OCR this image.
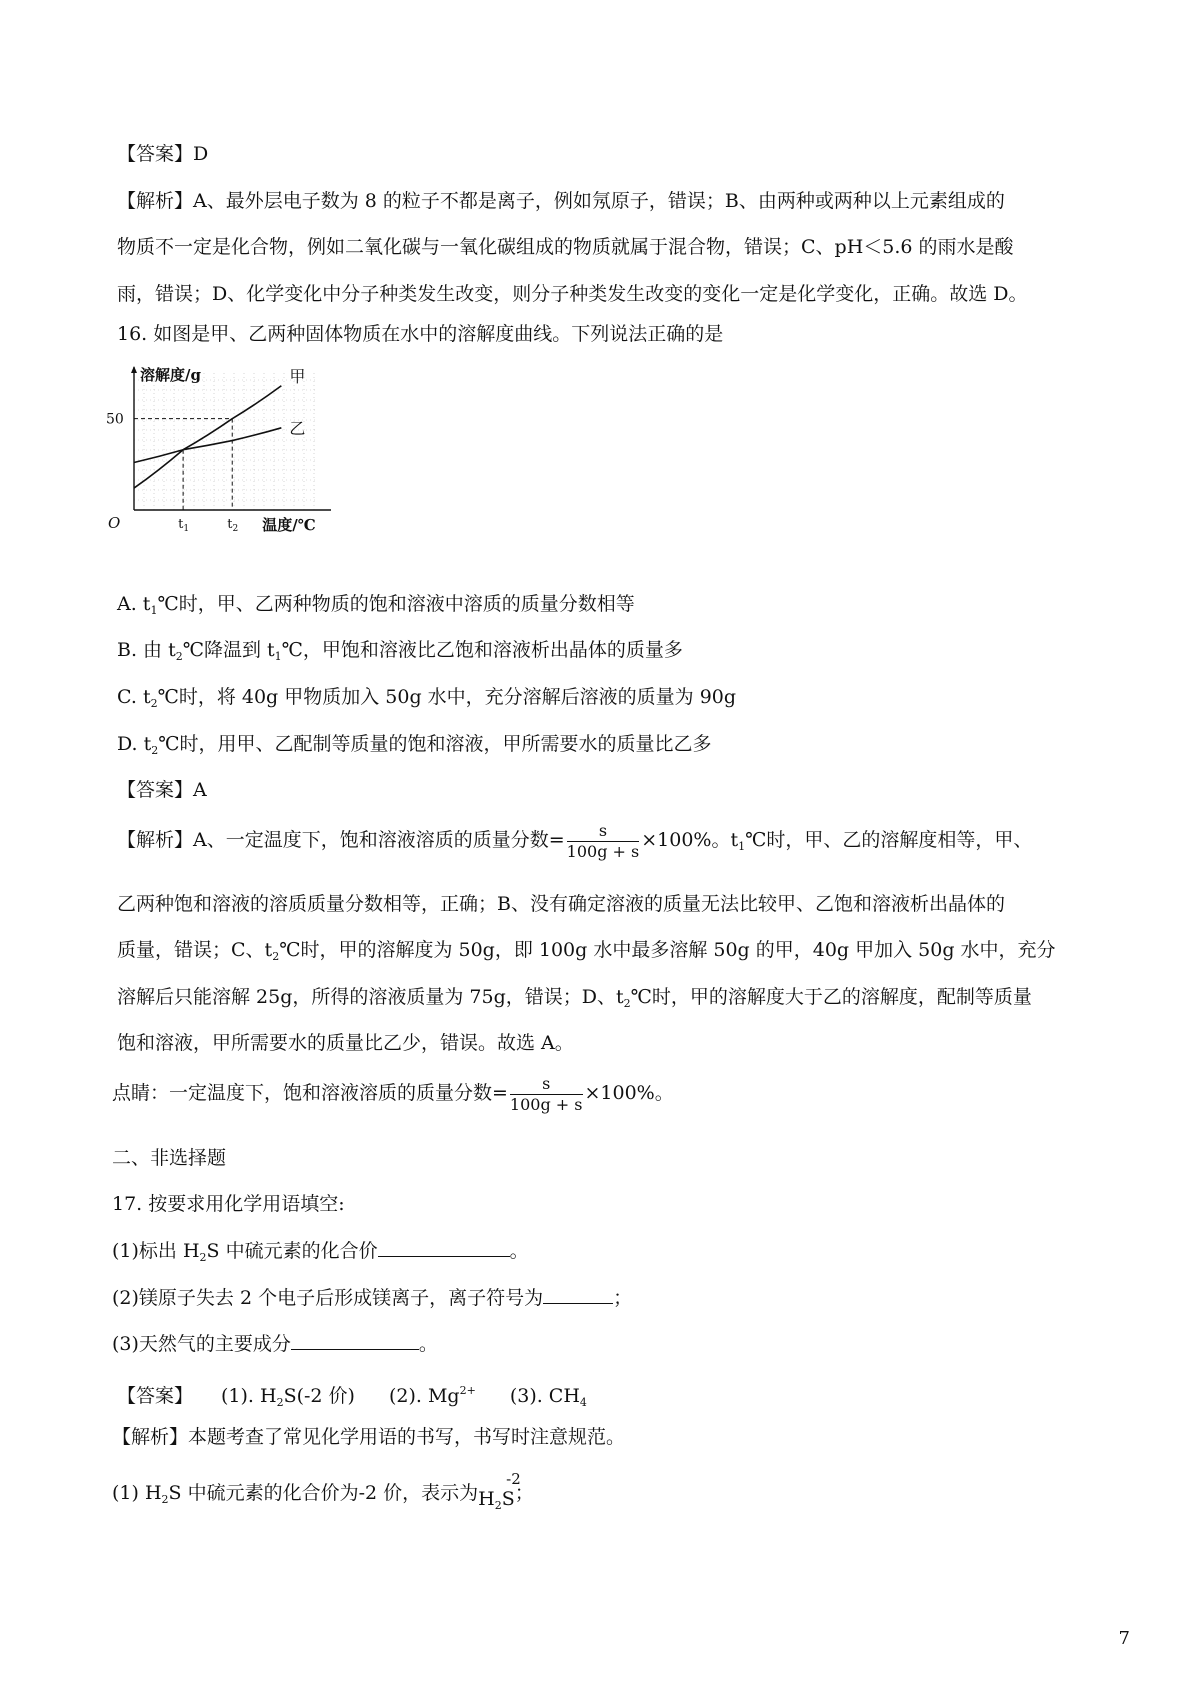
【答案】D
【解析】A、最外层电子数为 8 的粒子不都是离子，例如氖原子，错误；B、由两种或两种以上元素组成的
物质不一定是化合物，例如二氧化碳与一氧化碳组成的物质就属于混合物，错误；C、pH＜5.6 的雨水是酸
雨，错误；D、化学变化中分子种类发生改变，则分子种类发生改变的变化一定是化学变化，正确。故选 D。
16. 如图是甲、乙两种固体物质在水中的溶解度曲线。下列说法正确的是
甲
乙
溶解度/g
温度/℃
O
50
$t_1$	$t_2$
A. $t_1℃$时，甲、乙两种物质的饱和溶液中溶质的质量分数相等
B. 由 $t_2℃$降温到 $t_1℃$，甲饱和溶液比乙饱和溶液析出晶体的质量多
C. $t_2℃$时，将 40g 甲物质加入 50g 水中，充分溶解后溶液的质量为 90g
D. $t_2℃$时，用甲、乙配制等质量的饱和溶液，甲所需要水的质量比乙多
【答案】A
【解析】A、一定温度下，饱和溶液溶质的质量分数= $\frac{s}{100g + s} \times 100\%$。$t_1℃$时，甲、乙的溶解度相等，甲、
乙两种饱和溶液的溶质质量分数相等，正确；B、没有确定溶液的质量无法比较甲、乙饱和溶液析出晶体的
质量，错误；C、$t_2℃$时，甲的溶解度为 50g，即 100g 水中最多溶解 50g 的甲，40g 甲加入 50g 水中，充分
溶解后只能溶解 25g，所得的溶液质量为 75g，错误；D、$t_2℃$时，甲的溶解度大于乙的溶解度，配制等质量
饱和溶液，甲所需要水的质量比乙少，错误。故选 A。
点睛：一定温度下，饱和溶液溶质的质量分数= $\frac{s}{100g + s} \times 100\%$。
二、非选择题
17. 按要求用化学用语填空:
(1)标出 $H_2S$ 中硫元素的化合价	。
(2)镁原子失去 2 个电子后形成镁离子，离子符号为	；
(3)天然气的主要成分	。
【答案】 (1). $H_2S(-2$ 价) (2). $Mg^{2+}$ (3). $CH_4$
【解析】本题考查了常见化学用语的书写，书写时注意规范。
(1) $H_2S$ 中硫元素的化合价为-2 价，表示为$H_2S$
-2
；
7
